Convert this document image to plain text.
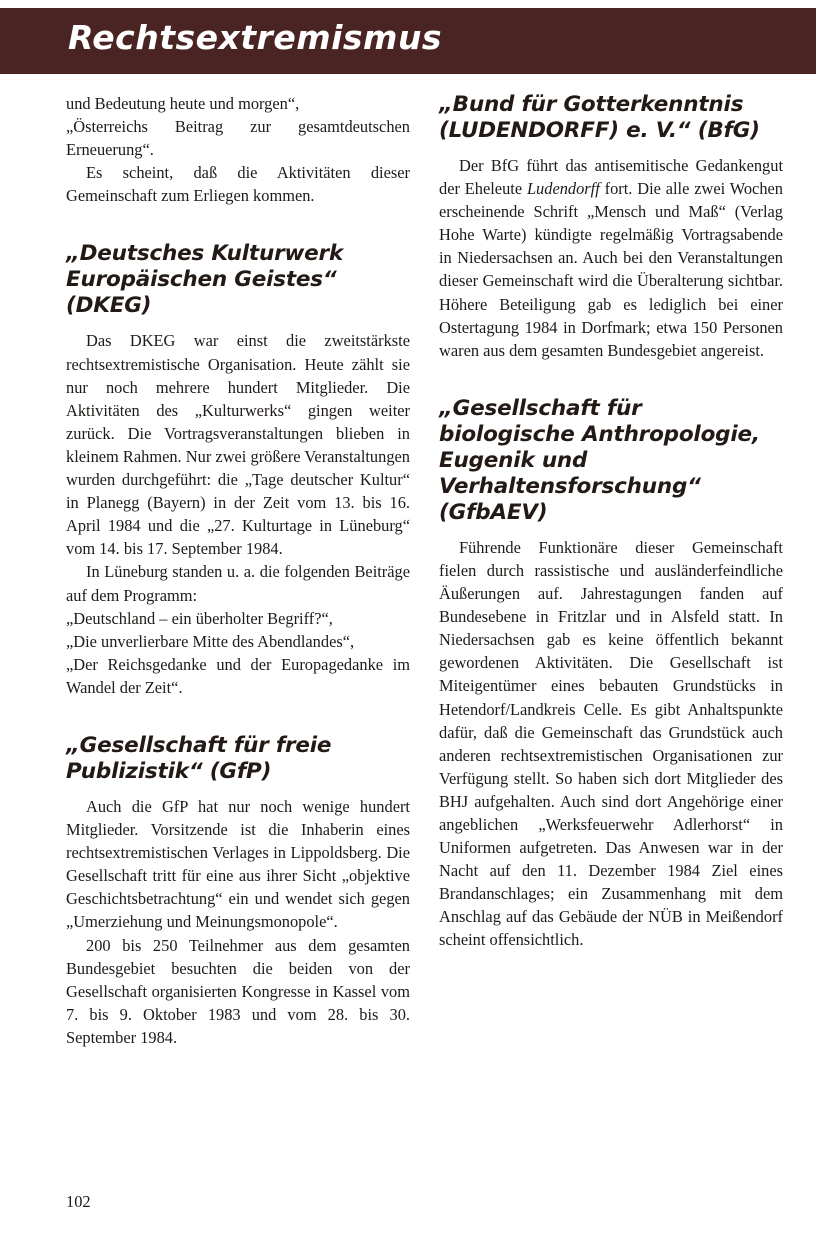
Rechtsextremismus

und Bedeutung heute und morgen“,

„Österreichs Beitrag zur gesamtdeutschen Erneuerung“.

Es scheint, daß die Aktivitäten dieser Gemeinschaft zum Erliegen kommen.

„Deutsches Kulturwerk Europäischen Geistes“ (DKEG)

Das DKEG war einst die zweitstärkste rechtsextremistische Organisation. Heute zählt sie nur noch mehrere hundert Mitglieder. Die Aktivitäten des „Kulturwerks“ gingen weiter zurück. Die Vortragsveranstaltungen blieben in kleinem Rahmen. Nur zwei größere Veranstaltungen wurden durchgeführt: die „Tage deutscher Kultur“ in Planegg (Bayern) in der Zeit vom 13. bis 16. April 1984 und die „27. Kulturtage in Lüneburg“ vom 14. bis 17. September 1984.

In Lüneburg standen u. a. die folgenden Beiträge auf dem Programm:

„Deutschland – ein überholter Begriff?“,

„Die unverlierbare Mitte des Abendlandes“,

„Der Reichsgedanke und der Europagedanke im Wandel der Zeit“.

„Gesellschaft für freie Publizistik“ (GfP)

Auch die GfP hat nur noch wenige hundert Mitglieder. Vorsitzende ist die Inhaberin eines rechtsextremistischen Verlages in Lippoldsberg. Die Gesellschaft tritt für eine aus ihrer Sicht „objektive Geschichtsbetrachtung“ ein und wendet sich gegen „Umerziehung und Meinungsmonopole“.

200 bis 250 Teilnehmer aus dem gesamten Bundesgebiet besuchten die beiden von der Gesellschaft organisierten Kongresse in Kassel vom 7. bis 9. Oktober 1983 und vom 28. bis 30. September 1984.

„Bund für Gotterkenntnis (LUDENDORFF) e. V.“ (BfG)

Der BfG führt das antisemitische Gedankengut der Eheleute Ludendorff fort. Die alle zwei Wochen erscheinende Schrift „Mensch und Maß“ (Verlag Hohe Warte) kündigte regelmäßig Vortragsabende in Niedersachsen an. Auch bei den Veranstaltungen dieser Gemeinschaft wird die Überalterung sichtbar. Höhere Beteiligung gab es lediglich bei einer Ostertagung 1984 in Dorfmark; etwa 150 Personen waren aus dem gesamten Bundesgebiet angereist.

„Gesellschaft für biologische Anthropologie, Eugenik und Verhaltensforschung“ (GfbAEV)

Führende Funktionäre dieser Gemeinschaft fielen durch rassistische und ausländerfeindliche Äußerungen auf. Jahrestagungen fanden auf Bundesebene in Fritzlar und in Alsfeld statt. In Niedersachsen gab es keine öffentlich bekannt gewordenen Aktivitäten. Die Gesellschaft ist Miteigentümer eines bebauten Grundstücks in Hetendorf/Landkreis Celle. Es gibt Anhaltspunkte dafür, daß die Gemeinschaft das Grundstück auch anderen rechtsextremistischen Organisationen zur Verfügung stellt. So haben sich dort Mitglieder des BHJ aufgehalten. Auch sind dort Angehörige einer angeblichen „Werksfeuerwehr Adlerhorst“ in Uniformen aufgetreten. Das Anwesen war in der Nacht auf den 11. Dezember 1984 Ziel eines Brandanschlages; ein Zusammenhang mit dem Anschlag auf das Gebäude der NÜB in Meißendorf scheint offensichtlich.

102
